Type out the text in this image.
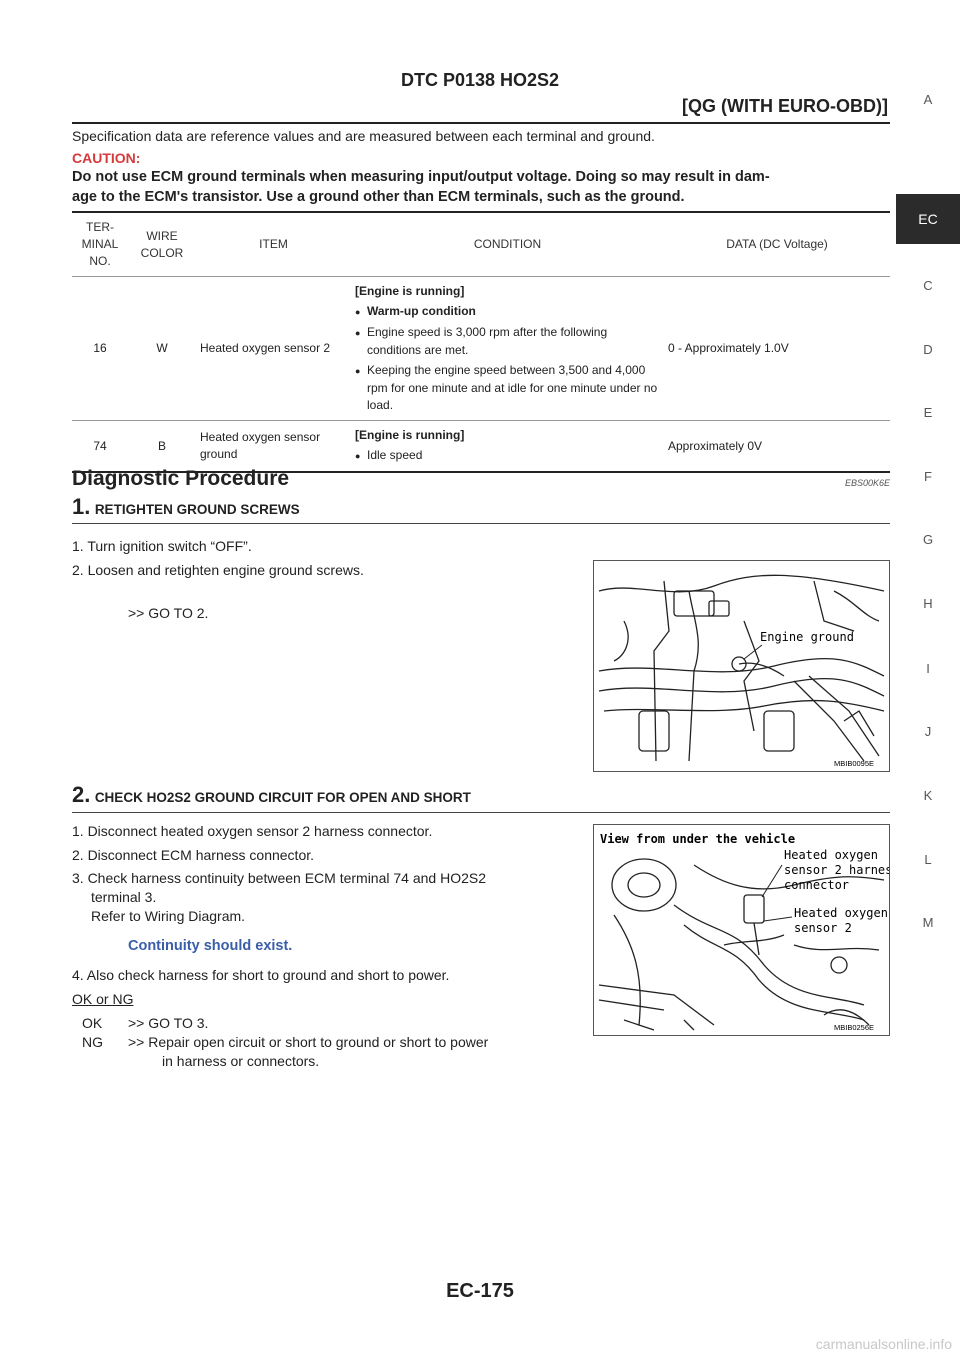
DTC P0138 HO2S2
[QG (WITH EURO-OBD)]
Specification data are reference values and are measured between each terminal and ground.
CAUTION:
Do not use ECM ground terminals when measuring input/output voltage. Doing so may result in dam-
age to the ECM's transistor. Use a ground other than ECM terminals, such as the ground.
TER-
MINAL
NO.	WIRE
COLOR	ITEM	CONDITION	DATA (DC Voltage)
16	W	Heated oxygen sensor 2	[Engine is running]
● Warm-up condition
● Engine speed is 3,000 rpm after the following conditions are met.
● Keeping the engine speed between 3,500 and 4,000 rpm for one minute and at idle for one minute under no load.	0 - Approximately 1.0V
74	B	Heated oxygen sensor ground	[Engine is running]
● Idle speed	Approximately 0V
Diagnostic Procedure	EBS00K6E
1. RETIGHTEN GROUND SCREWS
1. Turn ignition switch “OFF”.
2. Loosen and retighten engine ground screws.
>> GO TO 2.
Engine ground
MBIB0095E
2. CHECK HO2S2 GROUND CIRCUIT FOR OPEN AND SHORT
1. Disconnect heated oxygen sensor 2 harness connector.
2. Disconnect ECM harness connector.
3. Check harness continuity between ECM terminal 74 and HO2S2
terminal 3.
Refer to Wiring Diagram.
Continuity should exist.
4. Also check harness for short to ground and short to power.
OK or NG
OK >> GO TO 3.
NG >> Repair open circuit or short to ground or short to power
in harness or connectors.
View from under the vehicle
Heated oxygen
sensor 2 harness
connector
Heated oxygen
sensor 2
MBIB0256E
A
EC
C
D
E
F
G
H
I
J
K
L
M
EC-175
carmanualsonline.info
